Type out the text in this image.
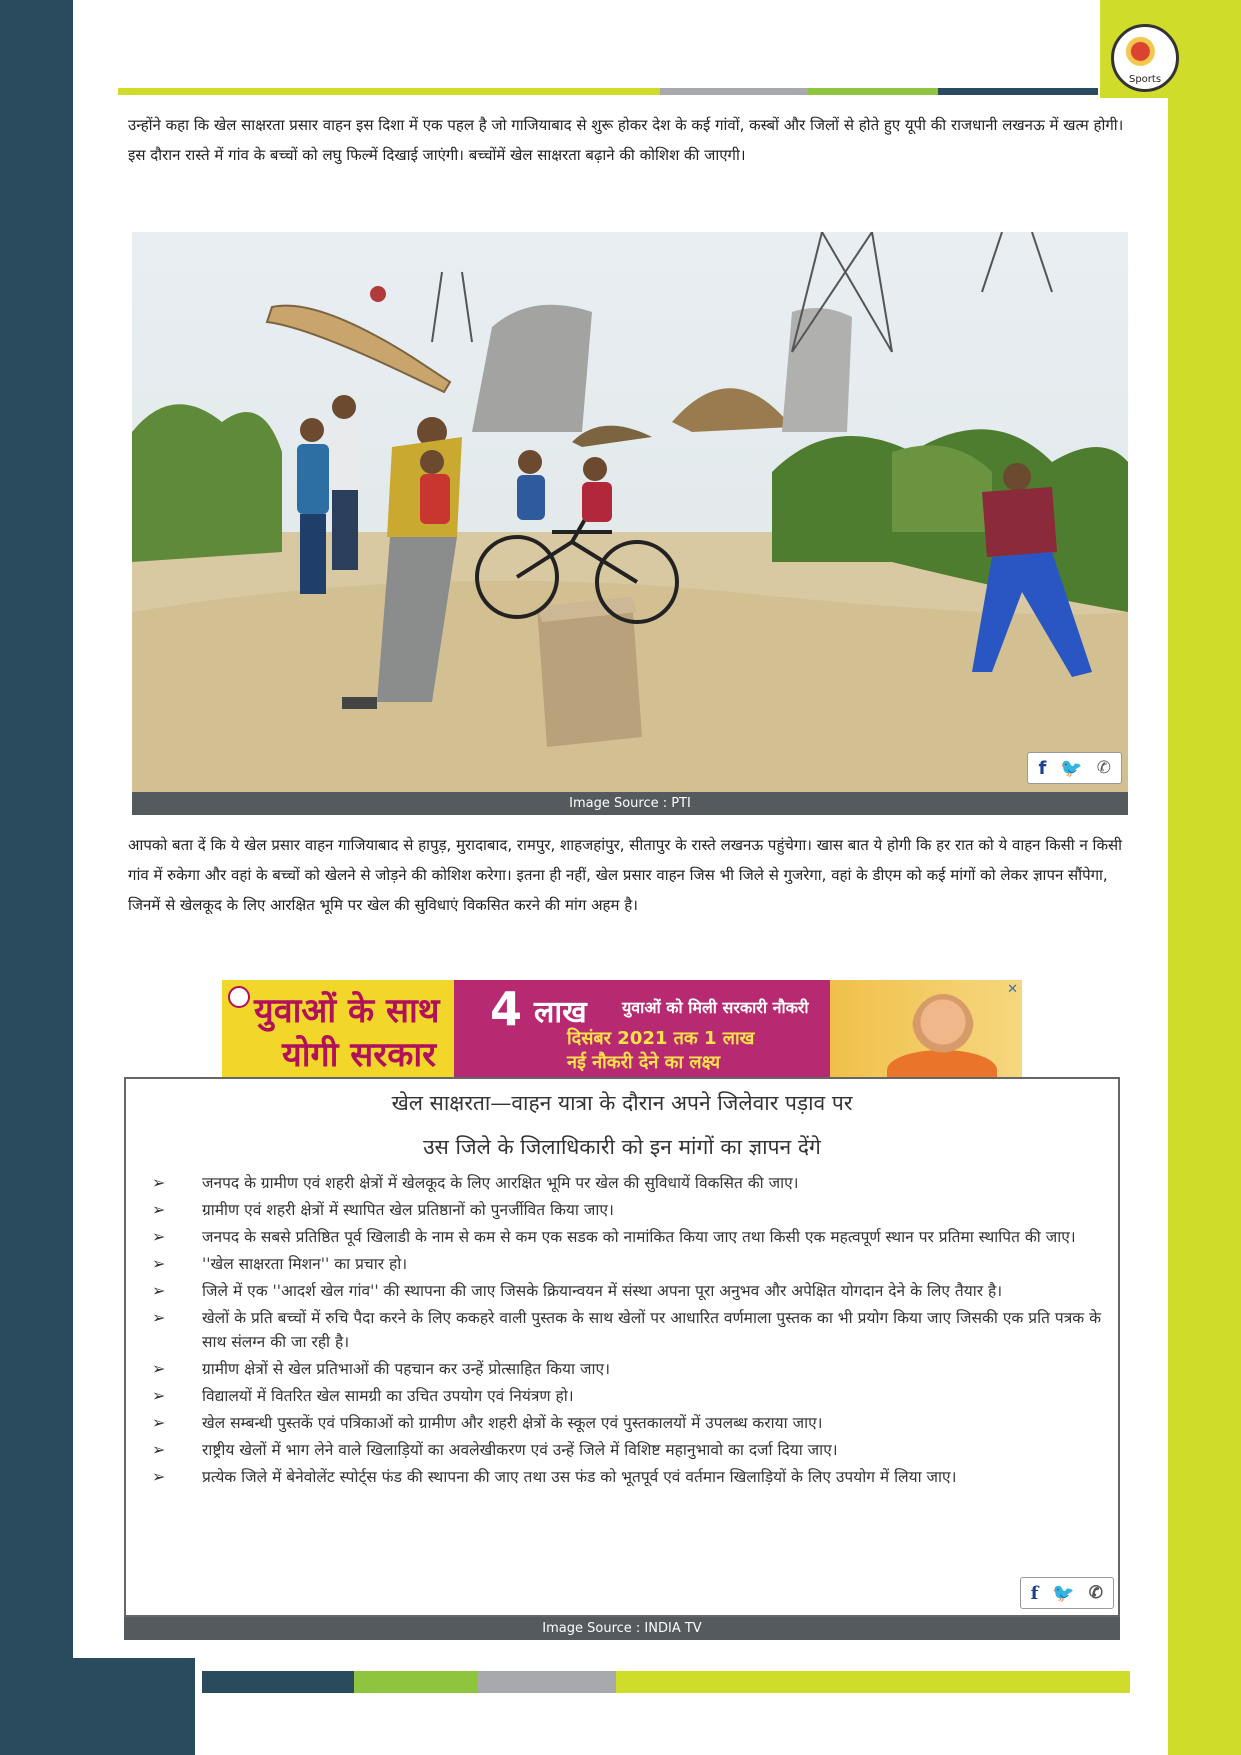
Sports

उन्होंने कहा कि खेल साक्षरता प्रसार वाहन इस दिशा में एक पहल है जो गाजियाबाद से शुरू होकर देश के कई गांवों, कस्बों और जिलों से होते हुए यूपी की राजधानी लखनऊ में खत्म होगी। इस दौरान रास्ते में गांव के बच्चों को लघु फिल्में दिखाई जाएंगी। बच्चोंमें खेल साक्षरता बढ़ाने की कोशिश की जाएगी।

f 🐦 ✆
Image Source : PTI

आपको बता दें कि ये खेल प्रसार वाहन गाजियाबाद से हापुड़, मुरादाबाद, रामपुर, शाहजहांपुर, सीतापुर के रास्ते लखनऊ पहुंचेगा। खास बात ये होगी कि हर रात को ये वाहन किसी न किसी गांव में रुकेगा और वहां के बच्चों को खेलने से जोड़ने की कोशिश करेगा। इतना ही नहीं, खेल प्रसार वाहन जिस भी जिले से गुजरेगा, वहां के डीएम को कई मांगों को लेकर ज्ञापन सौंपेगा, जिनमें से खेलकूद के लिए आरक्षित भूमि पर खेल की सुविधाएं विकसित करने की मांग अहम है।

युवाओं के साथ
योगी सरकार
4 लाख युवाओं को मिली सरकारी नौकरी
दिसंबर 2021 तक 1 लाख
नई नौकरी देने का लक्ष्य
✕
खेल साक्षरता—वाहन यात्रा के दौरान अपने जिलेवार पड़ाव पर
उस जिले के जिलाधिकारी को इन मांगों का ज्ञापन देंगे
➢ जनपद के ग्रामीण एवं शहरी क्षेत्रों में खेलकूद के लिए आरक्षित भूमि पर खेल की सुविधायें विकसित की जाए।
➢ ग्रामीण एवं शहरी क्षेत्रों में स्थापित खेल प्रतिष्ठानों को पुनर्जीवित किया जाए।
➢ जनपद के सबसे प्रतिष्ठित पूर्व खिलाडी के नाम से कम से कम एक सडक को नामांकित किया जाए तथा किसी एक महत्वपूर्ण स्थान पर प्रतिमा स्थापित की जाए।
➢ ''खेल साक्षरता मिशन'' का प्रचार हो।
➢ जिले में एक ''आदर्श खेल गांव'' की स्थापना की जाए जिसके क्रियान्वयन में संस्था अपना पूरा अनुभव और अपेक्षित योगदान देने के लिए तैयार है।
➢ खेलों के प्रति बच्चों में रुचि पैदा करने के लिए ककहरे वाली पुस्तक के साथ खेलों पर आधारित वर्णमाला पुस्तक का भी प्रयोग किया जाए जिसकी एक प्रति पत्रक के साथ संलग्न की जा रही है।
➢ ग्रामीण क्षेत्रों से खेल प्रतिभाओं की पहचान कर उन्हें प्रोत्साहित किया जाए।
➢ विद्यालयों में वितरित खेल सामग्री का उचित उपयोग एवं नियंत्रण हो।
➢ खेल सम्बन्धी पुस्तकें एवं पत्रिकाओं को ग्रामीण और शहरी क्षेत्रों के स्कूल एवं पुस्तकालयों में उपलब्ध कराया जाए।
➢ राष्ट्रीय खेलों में भाग लेने वाले खिलाड़ियों का अवलेखीकरण एवं उन्हें जिले में विशिष्ट महानुभावो का दर्जा दिया जाए।
➢ प्रत्येक जिले में बेनेवोलेंट स्पोर्ट्स फंड की स्थापना की जाए तथा उस फंड को भूतपूर्व एवं वर्तमान खिलाड़ियों के लिए उपयोग में लिया जाए।
f 🐦 ✆
Image Source : INDIA TV
